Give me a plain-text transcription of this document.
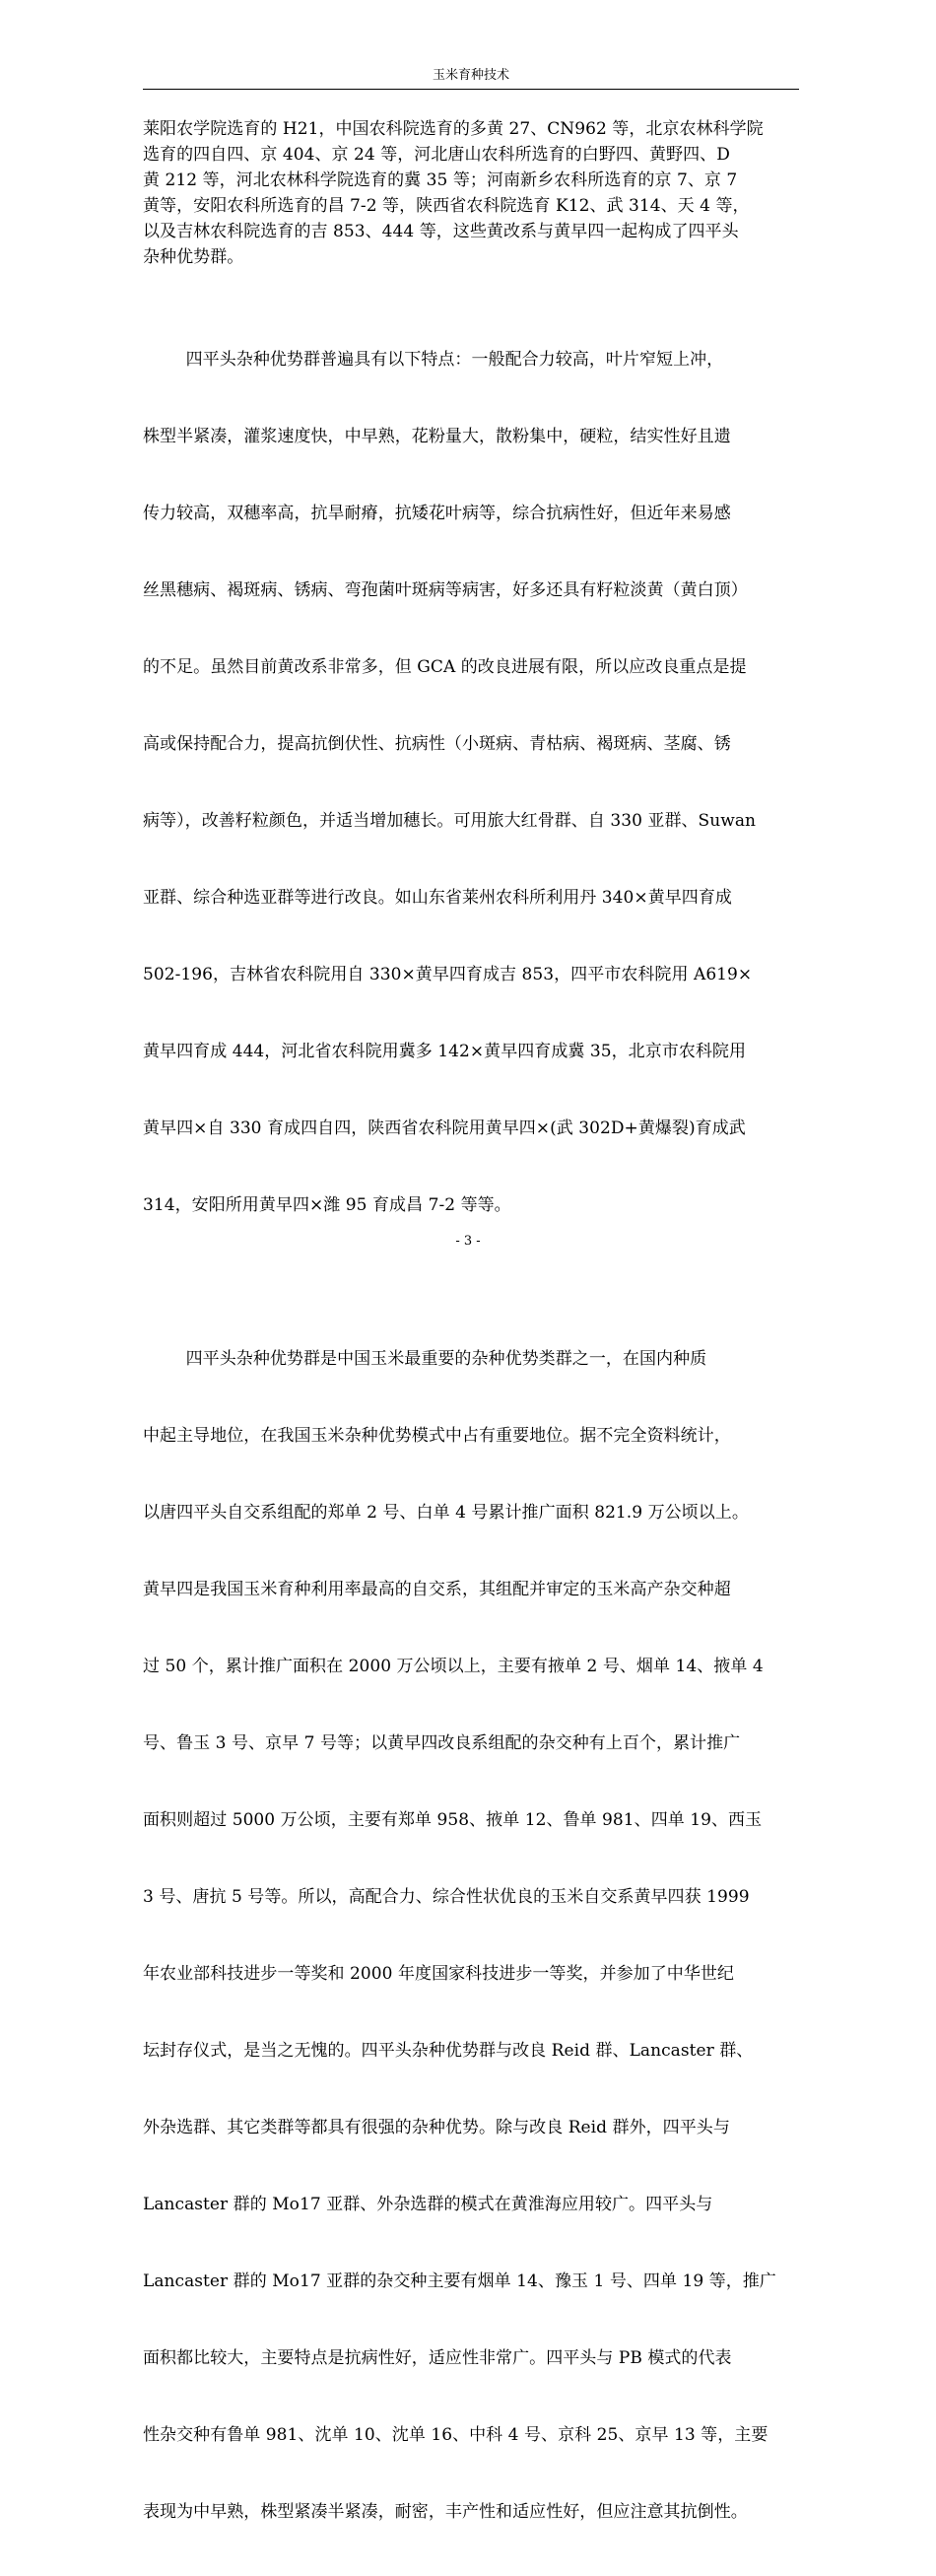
玉米育种技术

莱阳农学院选育的 H21，中国农科院选育的多黄 27、CN962 等，北京农林科学院
选育的四自四、京 404、京 24 等，河北唐山农科所选育的白野四、黄野四、D
黄 212 等，河北农林科学院选育的冀 35 等；河南新乡农科所选育的京 7、京 7
黄等，安阳农科所选育的昌 7-2 等，陕西省农科院选育 K12、武 314、天 4 等，
以及吉林农科院选育的吉 853、444 等，这些黄改系与黄早四一起构成了四平头
杂种优势群。

四平头杂种优势群普遍具有以下特点：一般配合力较高，叶片窄短上冲，

株型半紧凑，灌浆速度快，中早熟，花粉量大，散粉集中，硬粒，结实性好且遗

传力较高，双穗率高，抗旱耐瘠，抗矮花叶病等，综合抗病性好，但近年来易感

丝黑穗病、褐斑病、锈病、弯孢菌叶斑病等病害，好多还具有籽粒淡黄（黄白顶）

的不足。虽然目前黄改系非常多，但 GCA 的改良进展有限，所以应改良重点是提

高或保持配合力，提高抗倒伏性、抗病性（小斑病、青枯病、褐斑病、茎腐、锈

病等），改善籽粒颜色，并适当增加穗长。可用旅大红骨群、自 330 亚群、Suwan

亚群、综合种选亚群等进行改良。如山东省莱州农科所利用丹 340×黄早四育成

502-196，吉林省农科院用自 330×黄早四育成吉 853，四平市农科院用 A619×

黄早四育成 444，河北省农科院用冀多 142×黄早四育成冀 35，北京市农科院用

黄早四×自 330 育成四自四，陕西省农科院用黄早四×(武 302D+黄爆裂)育成武

314，安阳所用黄早四×潍 95 育成昌 7-2 等等。

四平头杂种优势群是中国玉米最重要的杂种优势类群之一，在国内种质

中起主导地位，在我国玉米杂种优势模式中占有重要地位。据不完全资料统计，

以唐四平头自交系组配的郑单 2 号、白单 4 号累计推广面积 821.9 万公顷以上。

黄早四是我国玉米育种利用率最高的自交系，其组配并审定的玉米高产杂交种超

过 50 个，累计推广面积在 2000 万公顷以上，主要有掖单 2 号、烟单 14、掖单 4

号、鲁玉 3 号、京早 7 号等；以黄早四改良系组配的杂交种有上百个，累计推广

面积则超过 5000 万公顷，主要有郑单 958、掖单 12、鲁单 981、四单 19、西玉

3 号、唐抗 5 号等。所以，高配合力、综合性状优良的玉米自交系黄早四获 1999

年农业部科技进步一等奖和 2000 年度国家科技进步一等奖，并参加了中华世纪

坛封存仪式，是当之无愧的。四平头杂种优势群与改良 Reid 群、Lancaster 群、

外杂选群、其它类群等都具有很强的杂种优势。除与改良 Reid 群外，四平头与

Lancaster 群的 Mo17 亚群、外杂选群的模式在黄淮海应用较广。四平头与

Lancaster 群的 Mo17 亚群的杂交种主要有烟单 14、豫玉 1 号、四单 19 等，推广

面积都比较大，主要特点是抗病性好，适应性非常广。四平头与 PB 模式的代表

性杂交种有鲁单 981、沈单 10、沈单 16、中科 4 号、京科 25、京早 13 等，主要

表现为中早熟，株型紧凑半紧凑，耐密，丰产性和适应性好，但应注意其抗倒性。

- 3 -
